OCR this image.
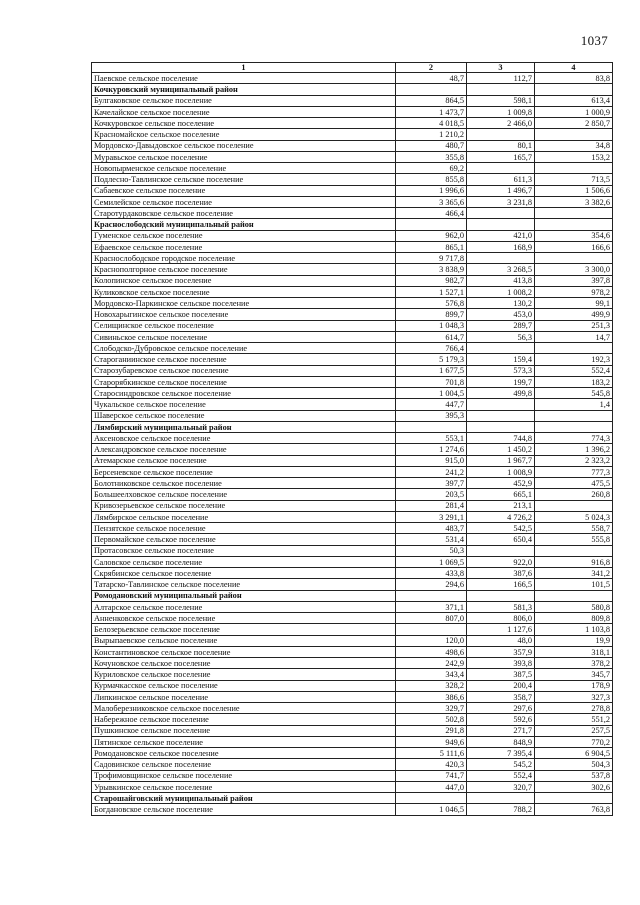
1037
1	2	3	4
Паевское сельское поселение	48,7	112,7	83,8
Кочкуровский муниципальный район			
Булгаковское сельское поселение	864,5	598,1	613,4
Качелайское сельское поселение	1 473,7	1 009,8	1 000,9
Кочкуровское сельское поселение	4 018,5	2 466,0	2 850,7
Красномайское сельское поселение	1 210,2		
Мордовско-Давыдовское сельское поселение	480,7	80,1	34,8
Муравьское сельское поселение	355,8	165,7	153,2
Новопырменское сельское поселение	69,2		
Подлесно-Тавлинское сельское поселение	855,8	611,3	713,5
Сабаевское сельское поселение	1 996,6	1 496,7	1 506,6
Семилейское сельское поселение	3 365,6	3 231,8	3 382,6
Старотурдаковское сельское поселение	466,4		
Краснослободский муниципальный район			
Гуменское сельское поселение	962,0	421,0	354,6
Ефаевское сельское поселение	865,1	168,9	166,6
Краснослободское городское поселение	9 717,8		
Краснополгорное сельское поселение	3 838,9	3 268,5	3 300,0
Колопинское сельское поселение	982,7	413,8	397,8
Куликовское сельское поселение	1 527,1	1 008,2	978,2
Мордовско-Паркинское сельское поселение	576,8	130,2	99,1
Новохарыгинское сельское поселение	899,7	453,0	499,9
Селищинское сельское поселение	1 048,3	289,7	251,3
Сивиньское сельское поселение	614,7	56,3	14,7
Слободско-Дубровское сельское поселение	766,4		
Староганиинское сельское поселение	5 179,3	159,4	192,3
Старозубаревское сельское поселение	1 677,5	573,3	552,4
Старорябкинское сельское поселение	701,8	199,7	183,2
Старосиндровское сельское поселение	1 004,5	499,8	545,8
Чукальское сельское поселение	447,7		1,4
Шаверское сельское поселение	395,3		
Лямбирский муниципальный район			
Аксеновское сельское поселение	553,1	744,8	774,3
Александровское сельское поселение	1 274,6	1 450,2	1 396,2
Атемарское сельское поселение	915,0	1 967,7	2 323,2
Берсеневское сельское поселение	241,2	1 008,9	777,3
Болотниковское сельское поселение	397,7	452,9	475,5
Большеелховское сельское поселение	203,5	665,1	260,8
Кривозерьевское сельское поселение	281,4	213,1	
Лямбирское сельское поселение	3 291,1	4 726,2	5 024,3
Пензятское сельское поселение	483,7	542,5	558,7
Первомайское сельское поселение	531,4	650,4	555,8
Протасовское сельское поселение	50,3		
Саловское сельское поселение	1 069,5	922,0	916,8
Скрябинское сельское поселение	433,8	387,6	341,2
Татарско-Тавлинское сельское поселение	294,6	166,5	101,5
Ромодановский муниципальный район			
Алтарское сельское поселение	371,1	581,3	580,8
Анненковское сельское поселение	807,0	806,0	809,8
Белозерьевское сельское поселение		1 127,6	1 103,8
Вырыпаевское сельское поселение	120,0	48,0	19,9
Константиновское сельское поселение	498,6	357,9	318,1
Кочуновское сельское поселение	242,9	393,8	378,2
Куриловское сельское поселение	343,4	387,5	345,7
Курмачкасское сельское поселение	328,2	200,4	178,9
Липкинское сельское поселение	386,6	358,7	327,3
Малоберезниковское сельское поселение	329,7	297,6	278,8
Набережное сельское поселение	502,8	592,6	551,2
Пушкинское сельское поселение	291,8	271,7	257,5
Пятинское сельское поселение	949,6	848,9	770,2
Ромодановское сельское поселение	5 111,6	7 395,4	6 904,5
Садовинское сельское поселение	420,3	545,2	504,3
Трофимовщинское сельское поселение	741,7	552,4	537,8
Урывкинское сельское поселение	447,0	320,7	302,6
Старошайговский муниципальный район			
Богдановское сельское поселение	1 046,5	788,2	763,8
